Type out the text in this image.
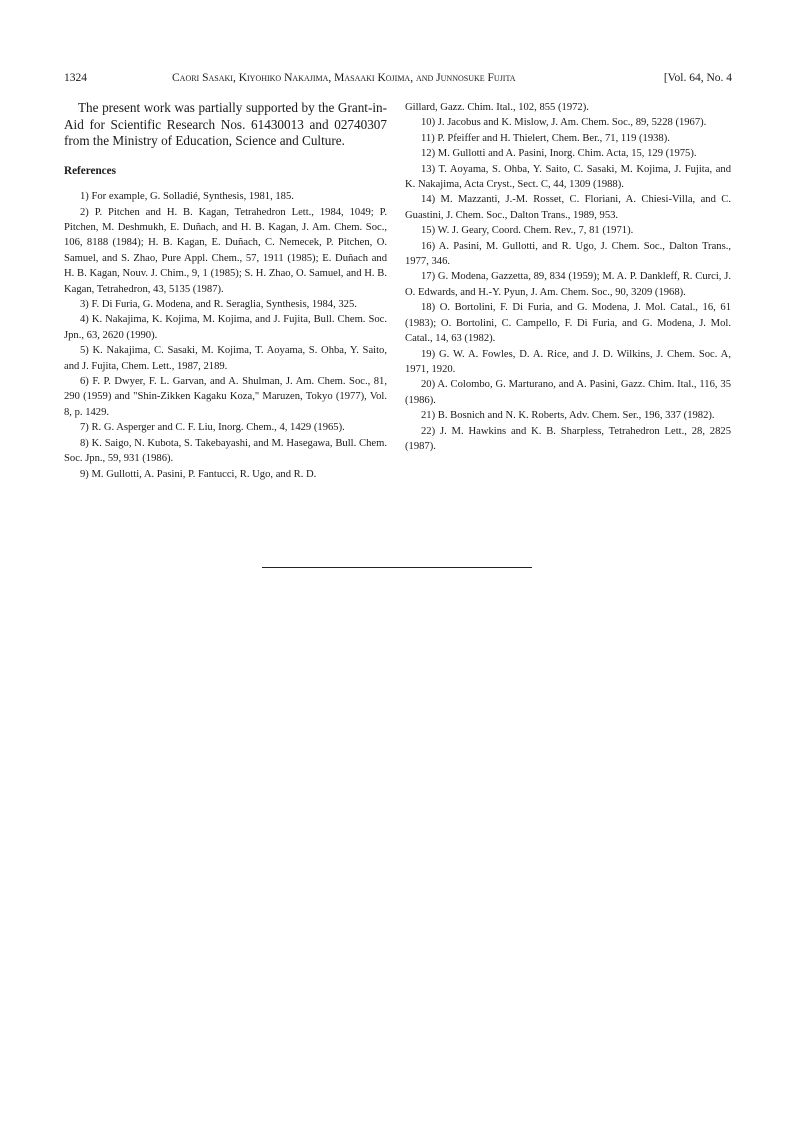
1324	Caori Sasaki, Kiyohiko Nakajima, Masaaki Kojima, and Junnosuke Fujita	[Vol. 64, No. 4

The present work was partially supported by the Grant-in-Aid for Scientific Research Nos. 61430013 and 02740307 from the Ministry of Education, Science and Culture.

References

1) For example, G. Solladié, Synthesis, 1981, 185.

2) P. Pitchen and H. B. Kagan, Tetrahedron Lett., 1984, 1049; P. Pitchen, M. Deshmukh, E. Duñach, and H. B. Kagan, J. Am. Chem. Soc., 106, 8188 (1984); H. B. Kagan, E. Duñach, C. Nemecek, P. Pitchen, O. Samuel, and S. Zhao, Pure Appl. Chem., 57, 1911 (1985); E. Duñach and H. B. Kagan, Nouv. J. Chim., 9, 1 (1985); S. H. Zhao, O. Samuel, and H. B. Kagan, Tetrahedron, 43, 5135 (1987).

3) F. Di Furia, G. Modena, and R. Seraglia, Synthesis, 1984, 325.

4) K. Nakajima, K. Kojima, M. Kojima, and J. Fujita, Bull. Chem. Soc. Jpn., 63, 2620 (1990).

5) K. Nakajima, C. Sasaki, M. Kojima, T. Aoyama, S. Ohba, Y. Saito, and J. Fujita, Chem. Lett., 1987, 2189.

6) F. P. Dwyer, F. L. Garvan, and A. Shulman, J. Am. Chem. Soc., 81, 290 (1959) and "Shin-Zikken Kagaku Koza," Maruzen, Tokyo (1977), Vol. 8, p. 1429.

7) R. G. Asperger and C. F. Liu, Inorg. Chem., 4, 1429 (1965).

8) K. Saigo, N. Kubota, S. Takebayashi, and M. Hasegawa, Bull. Chem. Soc. Jpn., 59, 931 (1986).

9) M. Gullotti, A. Pasini, P. Fantucci, R. Ugo, and R. D.

Gillard, Gazz. Chim. Ital., 102, 855 (1972).

10) J. Jacobus and K. Mislow, J. Am. Chem. Soc., 89, 5228 (1967).

11) P. Pfeiffer and H. Thielert, Chem. Ber., 71, 119 (1938).

12) M. Gullotti and A. Pasini, Inorg. Chim. Acta, 15, 129 (1975).

13) T. Aoyama, S. Ohba, Y. Saito, C. Sasaki, M. Kojima, J. Fujita, and K. Nakajima, Acta Cryst., Sect. C, 44, 1309 (1988).

14) M. Mazzanti, J.-M. Rosset, C. Floriani, A. Chiesi-Villa, and C. Guastini, J. Chem. Soc., Dalton Trans., 1989, 953.

15) W. J. Geary, Coord. Chem. Rev., 7, 81 (1971).

16) A. Pasini, M. Gullotti, and R. Ugo, J. Chem. Soc., Dalton Trans., 1977, 346.

17) G. Modena, Gazzetta, 89, 834 (1959); M. A. P. Dankleff, R. Curci, J. O. Edwards, and H.-Y. Pyun, J. Am. Chem. Soc., 90, 3209 (1968).

18) O. Bortolini, F. Di Furia, and G. Modena, J. Mol. Catal., 16, 61 (1983); O. Bortolini, C. Campello, F. Di Furia, and G. Modena, J. Mol. Catal., 14, 63 (1982).

19) G. W. A. Fowles, D. A. Rice, and J. D. Wilkins, J. Chem. Soc. A, 1971, 1920.

20) A. Colombo, G. Marturano, and A. Pasini, Gazz. Chim. Ital., 116, 35 (1986).

21) B. Bosnich and N. K. Roberts, Adv. Chem. Ser., 196, 337 (1982).

22) J. M. Hawkins and K. B. Sharpless, Tetrahedron Lett., 28, 2825 (1987).
